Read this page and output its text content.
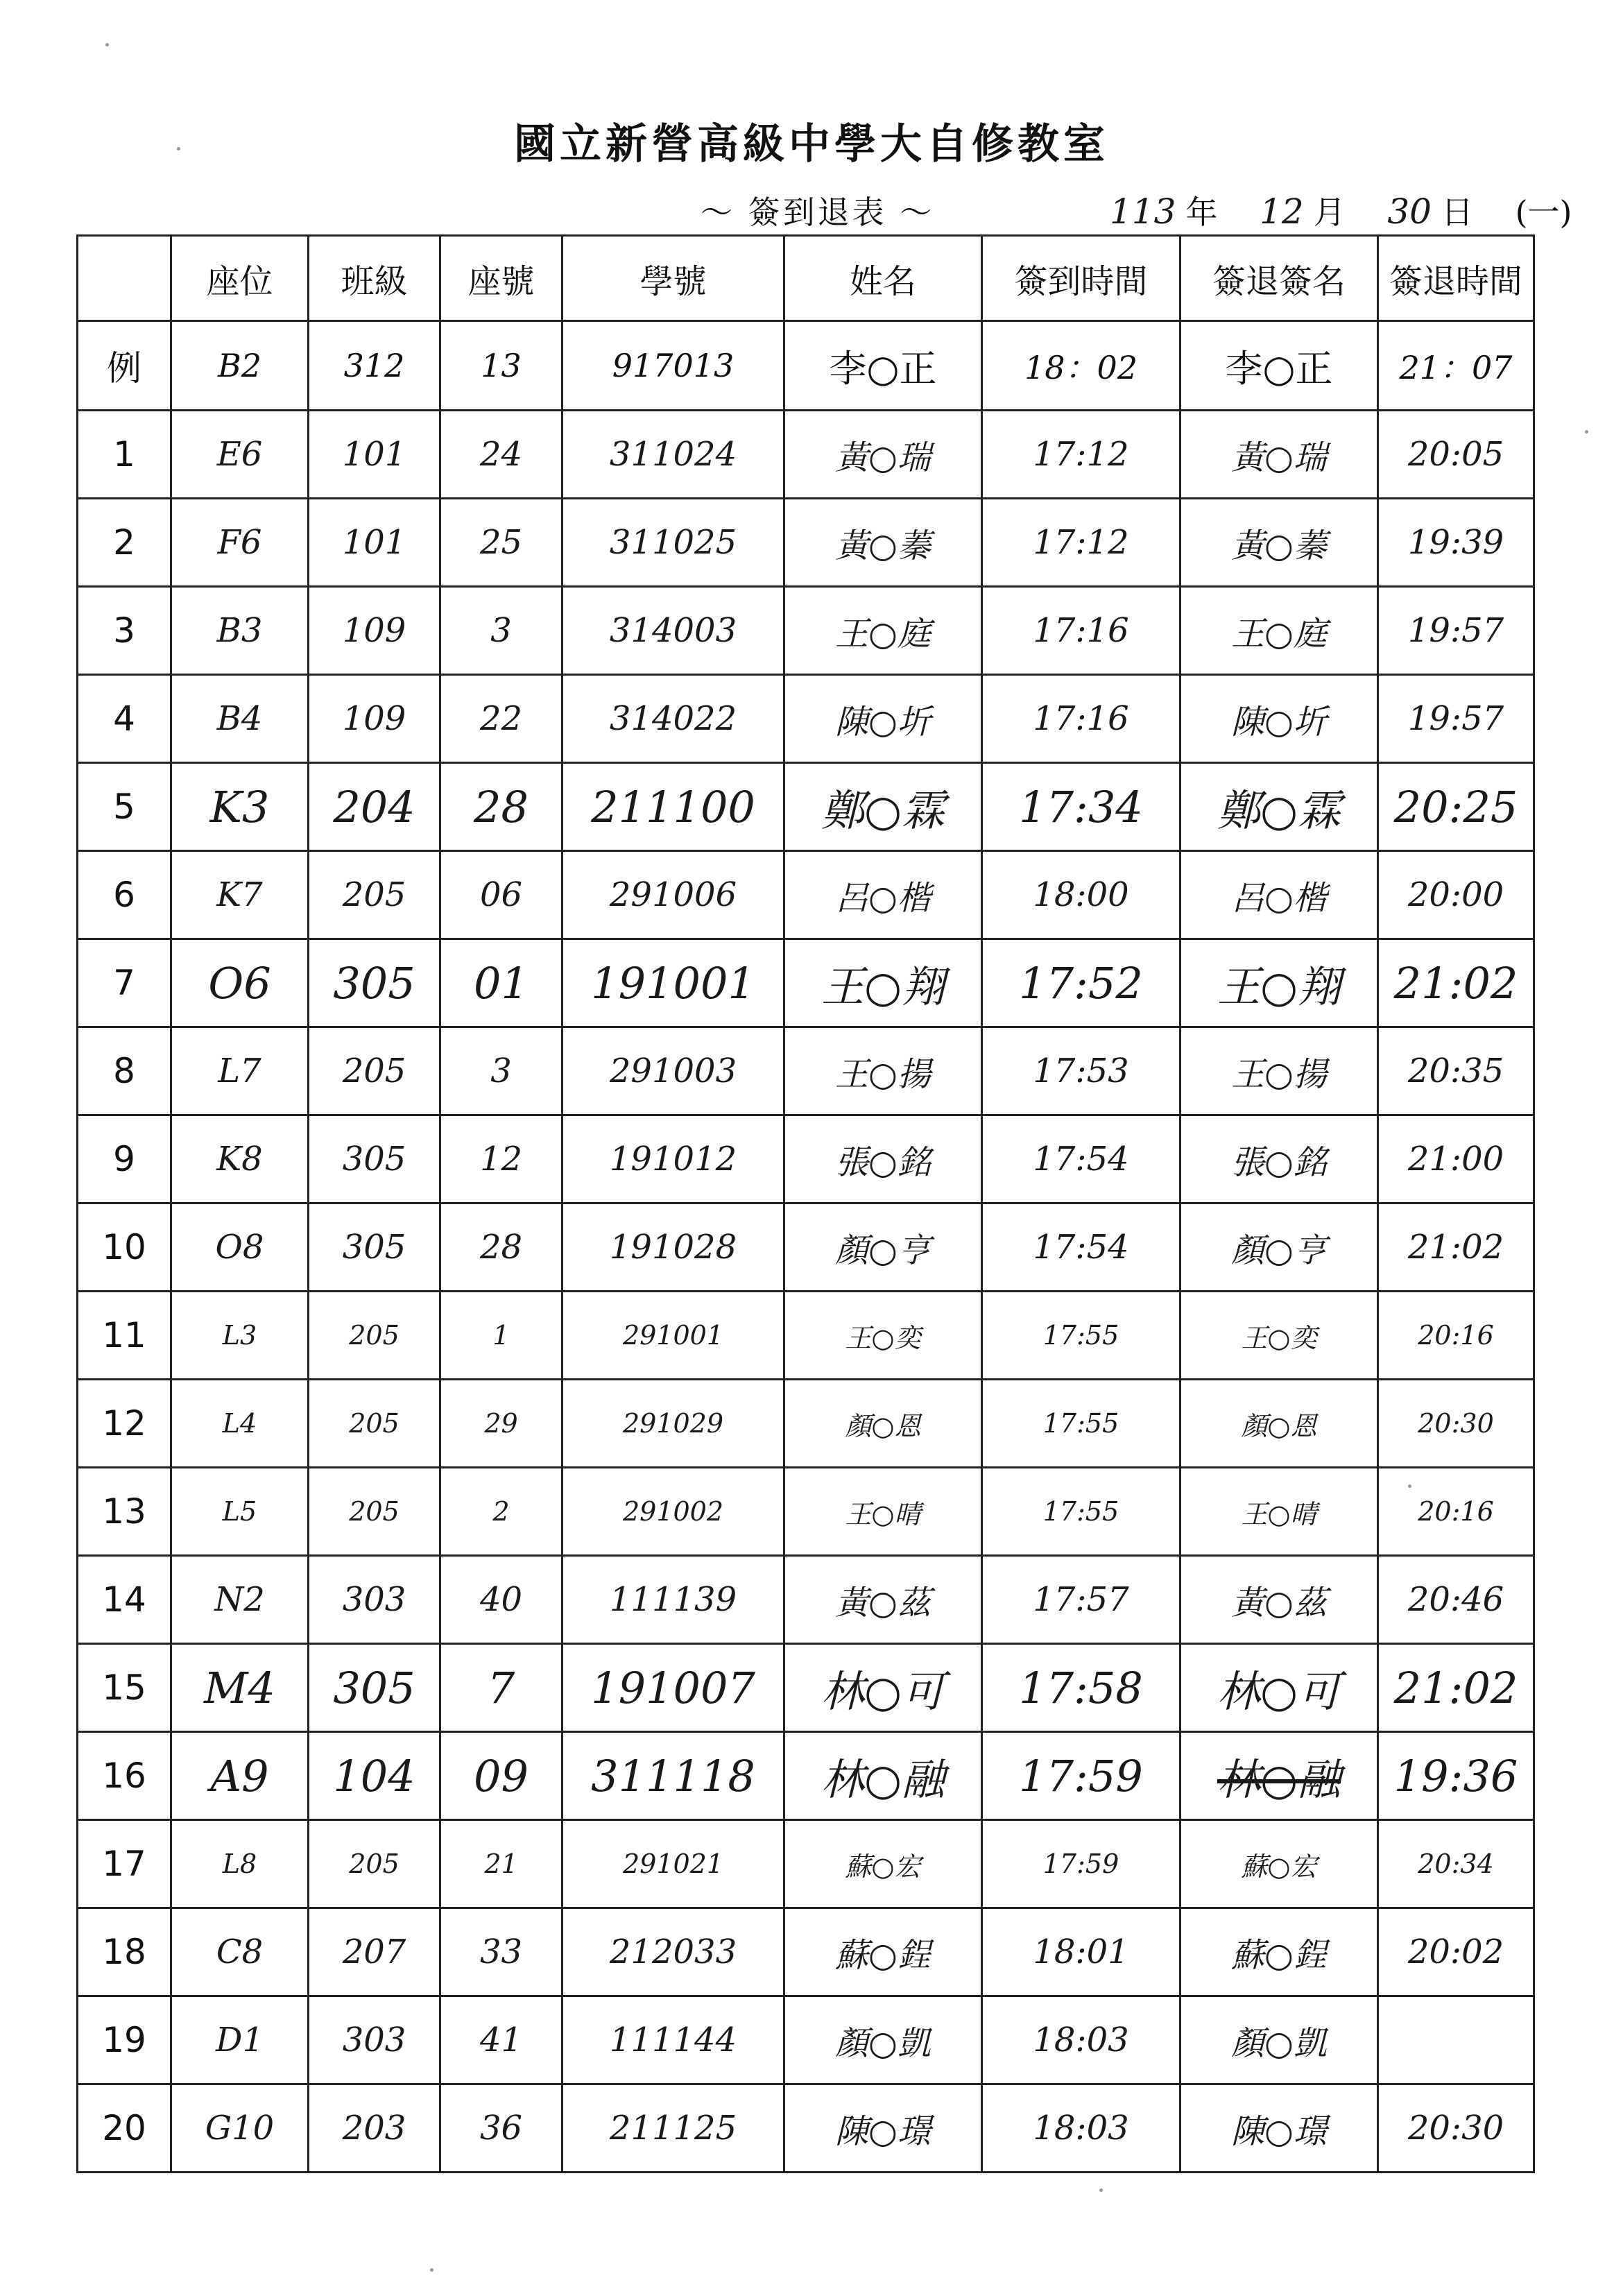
國立新營高級中學大自修教室
～ 簽到退表 ～	113 年 12 月 30 日 (一)
	座位	班級	座號	學號	姓名	簽到時間	簽退簽名	簽退時間
例	B2	312	13	917013	李○正	18：02	李○正	21：07
1	E6	101	24	311024	黃○瑞	17:12	黃○瑞	20:05
2	F6	101	25	311025	黃○蓁	17:12	黃○蓁	19:39
3	B3	109	3	314003	王○庭	17:16	王○庭	19:57
4	B4	109	22	314022	陳○圻	17:16	陳○圻	19:57
5	K3	204	28	211100	鄭○霖	17:34	鄭○霖	20:25
6	K7	205	06	291006	呂○楷	18:00	呂○楷	20:00
7	O6	305	01	191001	王○翔	17:52	王○翔	21:02
8	L7	205	3	291003	王○揚	17:53	王○揚	20:35
9	K8	305	12	191012	張○銘	17:54	張○銘	21:00
10	O8	305	28	191028	顏○亨	17:54	顏○亨	21:02
11	L3	205	1	291001	王○奕	17:55	王○奕	20:16
12	L4	205	29	291029	顏○恩	17:55	顏○恩	20:30
13	L5	205	2	291002	王○晴	17:55	王○晴	20:16
14	N2	303	40	111139	黃○茲	17:57	黃○茲	20:46
15	M4	305	7	191007	林○可	17:58	林○可	21:02
16	A9	104	09	311118	林○融	17:59	林○融	19:36
17	L8	205	21	291021	蘇○宏	17:59	蘇○宏	20:34
18	C8	207	33	212033	蘇○鋥	18:01	蘇○鋥	20:02
19	D1	303	41	111144	顏○凱	18:03	顏○凱	
20	G10	203	36	211125	陳○璟	18:03	陳○璟	20:30
